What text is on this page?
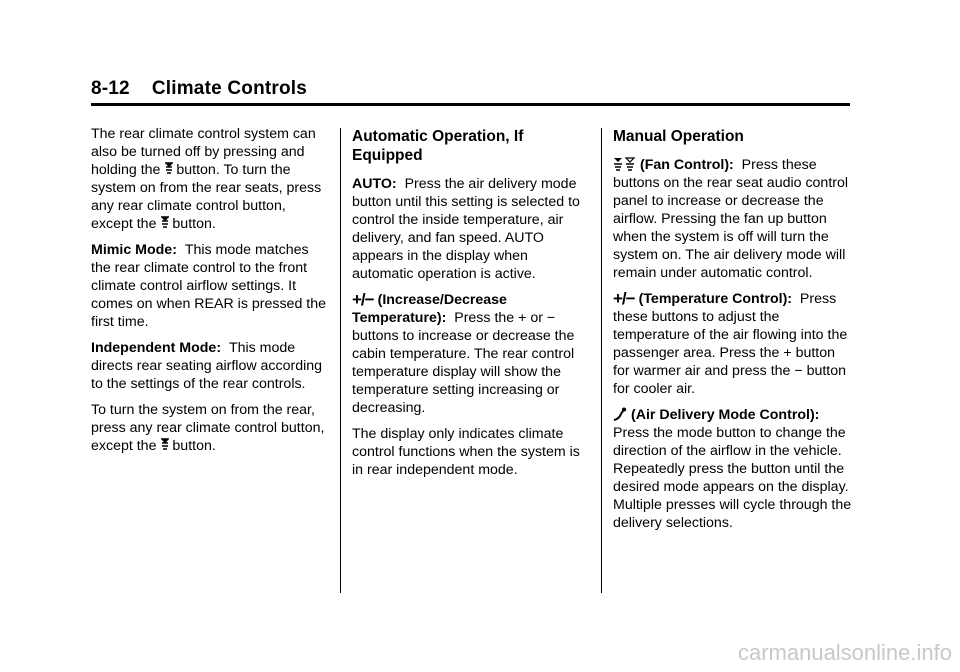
8-12 Climate Controls

The rear climate control system can also be turned off by pressing and holding the button. To turn the system on from the rear seats, press any rear climate control button, except the button.

Mimic Mode: This mode matches the rear climate control to the front climate control airflow settings. It comes on when REAR is pressed the first time.

Independent Mode: This mode directs rear seating airflow according to the settings of the rear controls.

To turn the system on from the rear, press any rear climate control button, except the button.

Automatic Operation, If Equipped

AUTO: Press the air delivery mode button until this setting is selected to control the inside temperature, air delivery, and fan speed. AUTO appears in the display when automatic operation is active.

+/− (Increase/Decrease Temperature): Press the + or − buttons to increase or decrease the cabin temperature. The rear control temperature display will show the temperature setting increasing or decreasing.

The display only indicates climate control functions when the system is in rear independent mode.

Manual Operation

(Fan Control): Press these buttons on the rear seat audio control panel to increase or decrease the airflow. Pressing the fan up button when the system is off will turn the system on. The air delivery mode will remain under automatic control.

+/− (Temperature Control): Press these buttons to adjust the temperature of the air flowing into the passenger area. Press the + button for warmer air and press the − button for cooler air.

(Air Delivery Mode Control):
Press the mode button to change the direction of the airflow in the vehicle. Repeatedly press the button until the desired mode appears on the display. Multiple presses will cycle through the delivery selections.

carmanualsonline.info
